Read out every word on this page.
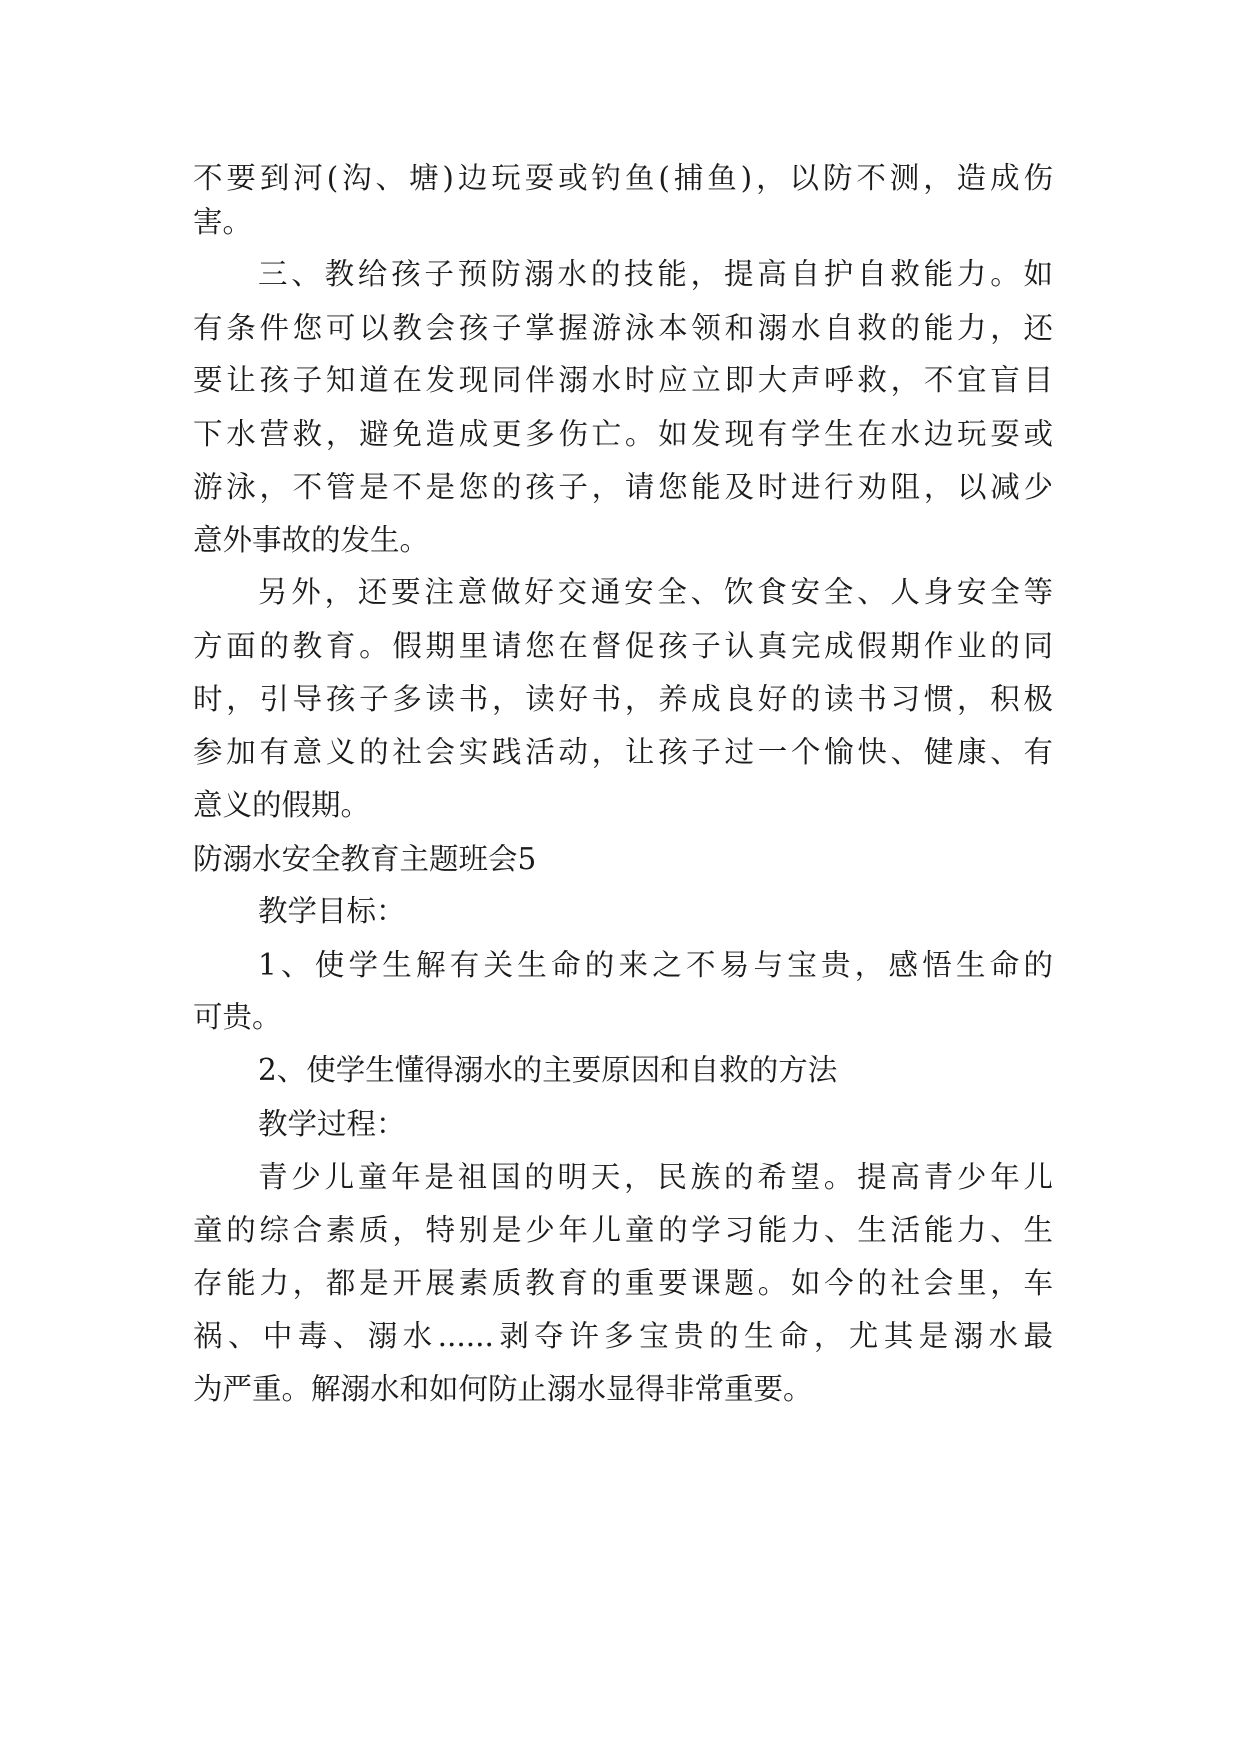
不要到河(沟、塘)边玩耍或钓鱼(捕鱼)，以防不测，造成伤
害。
三、教给孩子预防溺水的技能，提高自护自救能力。如
有条件您可以教会孩子掌握游泳本领和溺水自救的能力，还
要让孩子知道在发现同伴溺水时应立即大声呼救，不宜盲目
下水营救，避免造成更多伤亡。如发现有学生在水边玩耍或
游泳，不管是不是您的孩子，请您能及时进行劝阻，以减少
意外事故的发生。
另外，还要注意做好交通安全、饮食安全、人身安全等
方面的教育。假期里请您在督促孩子认真完成假期作业的同
时，引导孩子多读书，读好书，养成良好的读书习惯，积极
参加有意义的社会实践活动，让孩子过一个愉快、健康、有
意义的假期。
防溺水安全教育主题班会5
教学目标：
1、使学生解有关生命的来之不易与宝贵，感悟生命的
可贵。
2、使学生懂得溺水的主要原因和自救的方法
教学过程：
青少儿童年是祖国的明天，民族的希望。提高青少年儿
童的综合素质，特别是少年儿童的学习能力、生活能力、生
存能力，都是开展素质教育的重要课题。如今的社会里，车
祸、中毒、溺水......剥夺许多宝贵的生命，尤其是溺水最
为严重。解溺水和如何防止溺水显得非常重要。
